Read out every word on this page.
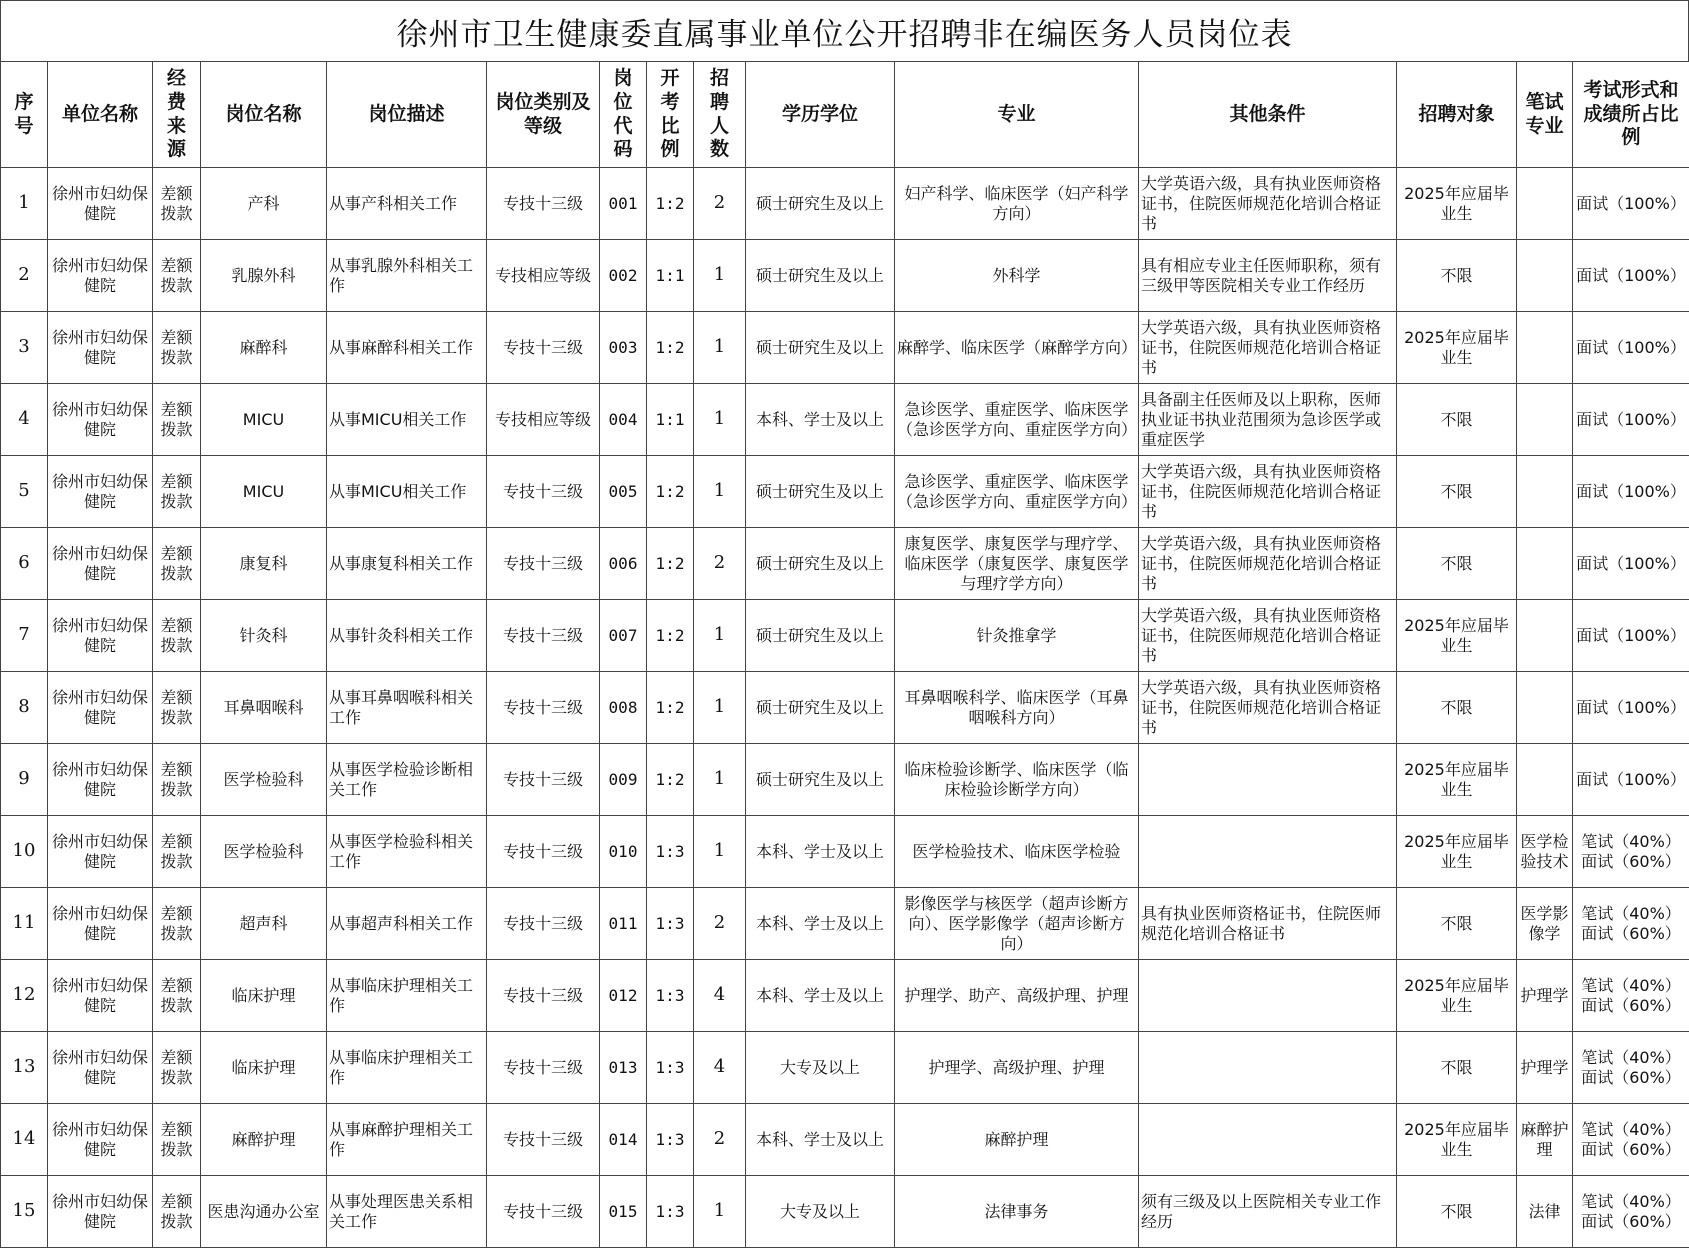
徐州市卫生健康委直属事业单位公开招聘非在编医务人员岗位表
序号	单位名称	经费来源	岗位名称	岗位描述	岗位类别及等级	岗位代码	开考比例	招聘人数	学历学位	专业	其他条件	招聘对象	笔试专业	考试形式和成绩所占比例
1	徐州市妇幼保健院	差额拨款	产科	从事产科相关工作	专技十三级	001	1:2	2	硕士研究生及以上	妇产科学、临床医学（妇产科学方向）	大学英语六级，具有执业医师资格证书，住院医师规范化培训合格证书	2025年应届毕业生		面试（100%）
2	徐州市妇幼保健院	差额拨款	乳腺外科	从事乳腺外科相关工作	专技相应等级	002	1:1	1	硕士研究生及以上	外科学	具有相应专业主任医师职称，须有三级甲等医院相关专业工作经历	不限		面试（100%）
3	徐州市妇幼保健院	差额拨款	麻醉科	从事麻醉科相关工作	专技十三级	003	1:2	1	硕士研究生及以上	麻醉学、临床医学（麻醉学方向）	大学英语六级，具有执业医师资格证书，住院医师规范化培训合格证书	2025年应届毕业生		面试（100%）
4	徐州市妇幼保健院	差额拨款	MICU	从事MICU相关工作	专技相应等级	004	1:1	1	本科、学士及以上	急诊医学、重症医学、临床医学（急诊医学方向、重症医学方向）	具备副主任医师及以上职称，医师执业证书执业范围须为急诊医学或重症医学	不限		面试（100%）
5	徐州市妇幼保健院	差额拨款	MICU	从事MICU相关工作	专技十三级	005	1:2	1	硕士研究生及以上	急诊医学、重症医学、临床医学（急诊医学方向、重症医学方向）	大学英语六级，具有执业医师资格证书，住院医师规范化培训合格证书	不限		面试（100%）
6	徐州市妇幼保健院	差额拨款	康复科	从事康复科相关工作	专技十三级	006	1:2	2	硕士研究生及以上	康复医学、康复医学与理疗学、临床医学（康复医学、康复医学与理疗学方向）	大学英语六级，具有执业医师资格证书，住院医师规范化培训合格证书	不限		面试（100%）
7	徐州市妇幼保健院	差额拨款	针灸科	从事针灸科相关工作	专技十三级	007	1:2	1	硕士研究生及以上	针灸推拿学	大学英语六级，具有执业医师资格证书，住院医师规范化培训合格证书	2025年应届毕业生		面试（100%）
8	徐州市妇幼保健院	差额拨款	耳鼻咽喉科	从事耳鼻咽喉科相关工作	专技十三级	008	1:2	1	硕士研究生及以上	耳鼻咽喉科学、临床医学（耳鼻咽喉科方向）	大学英语六级，具有执业医师资格证书，住院医师规范化培训合格证书	不限		面试（100%）
9	徐州市妇幼保健院	差额拨款	医学检验科	从事医学检验诊断相关工作	专技十三级	009	1:2	1	硕士研究生及以上	临床检验诊断学、临床医学（临床检验诊断学方向）		2025年应届毕业生		面试（100%）
10	徐州市妇幼保健院	差额拨款	医学检验科	从事医学检验科相关工作	专技十三级	010	1:3	1	本科、学士及以上	医学检验技术、临床医学检验		2025年应届毕业生	医学检验技术	笔试（40%）面试（60%）
11	徐州市妇幼保健院	差额拨款	超声科	从事超声科相关工作	专技十三级	011	1:3	2	本科、学士及以上	影像医学与核医学（超声诊断方向）、医学影像学（超声诊断方向）	具有执业医师资格证书，住院医师规范化培训合格证书	不限	医学影像学	笔试（40%）面试（60%）
12	徐州市妇幼保健院	差额拨款	临床护理	从事临床护理相关工作	专技十三级	012	1:3	4	本科、学士及以上	护理学、助产、高级护理、护理		2025年应届毕业生	护理学	笔试（40%）面试（60%）
13	徐州市妇幼保健院	差额拨款	临床护理	从事临床护理相关工作	专技十三级	013	1:3	4	大专及以上	护理学、高级护理、护理		不限	护理学	笔试（40%）面试（60%）
14	徐州市妇幼保健院	差额拨款	麻醉护理	从事麻醉护理相关工作	专技十三级	014	1:3	2	本科、学士及以上	麻醉护理		2025年应届毕业生	麻醉护理	笔试（40%）面试（60%）
15	徐州市妇幼保健院	差额拨款	医患沟通办公室	从事处理医患关系相关工作	专技十三级	015	1:3	1	大专及以上	法律事务	须有三级及以上医院相关专业工作经历	不限	法律	笔试（40%）面试（60%）
